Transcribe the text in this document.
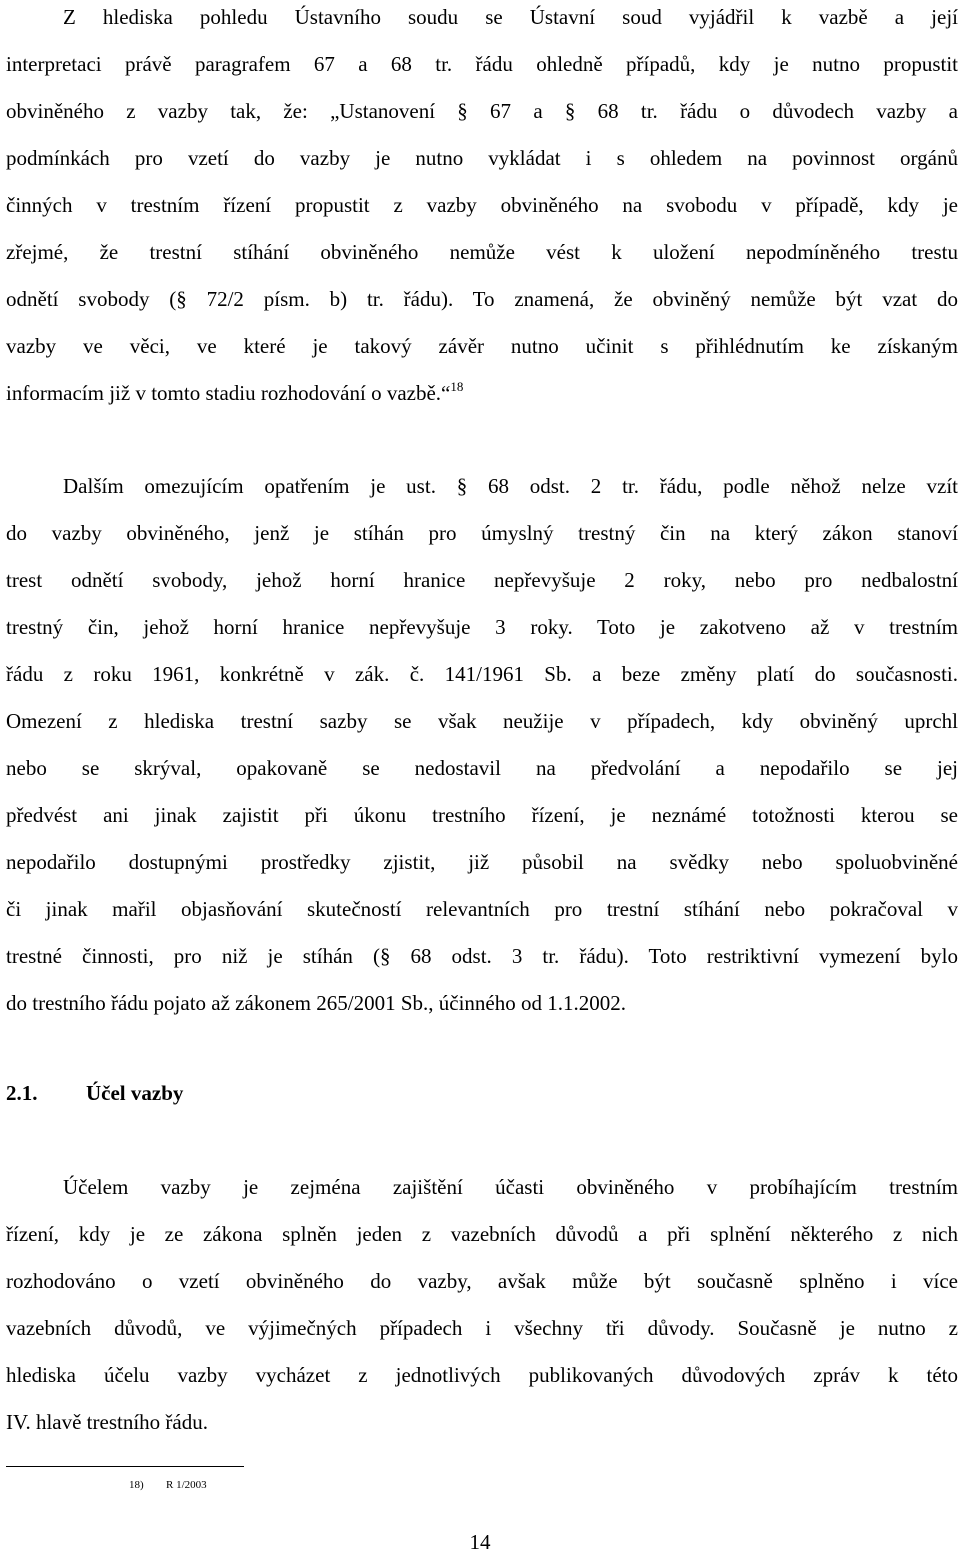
Z hlediska pohledu Ústavního soudu se Ústavní soud vyjádřil k vazbě a její
interpretaci právě paragrafem 67 a 68 tr. řádu ohledně případů, kdy je nutno propustit
obviněného z vazby tak, že: „Ustanovení § 67 a § 68 tr. řádu o důvodech vazby a
podmínkách pro vzetí do vazby je nutno vykládat i s ohledem na povinnost orgánů
činných v trestním řízení propustit z vazby obviněného na svobodu v případě, kdy je
zřejmé, že trestní stíhání obviněného nemůže vést k uložení nepodmíněného trestu
odnětí svobody (§ 72/2 písm. b) tr. řádu). To znamená, že obviněný nemůže být vzat do
vazby ve věci, ve které je takový závěr nutno učinit s přihlédnutím ke získaným
informacím již v tomto stadiu rozhodování o vazbě.“$^{18}$
Dalším omezujícím opatřením je ust. § 68 odst. 2 tr. řádu, podle něhož nelze vzít
do vazby obviněného, jenž je stíhán pro úmyslný trestný čin na který zákon stanoví
trest odnětí svobody, jehož horní hranice nepřevyšuje 2 roky, nebo pro nedbalostní
trestný čin, jehož horní hranice nepřevyšuje 3 roky. Toto je zakotveno až v trestním
řádu z roku 1961, konkrétně v zák. č. 141/1961 Sb. a beze změny platí do současnosti.
Omezení z hlediska trestní sazby se však neužije v případech, kdy obviněný uprchl
nebo se skrýval, opakovaně se nedostavil na předvolání a nepodařilo se jej
předvést ani jinak zajistit při úkonu trestního řízení, je neznámé totožnosti kterou se
nepodařilo dostupnými prostředky zjistit, již působil na svědky nebo spoluobviněné
či jinak mařil objasňování skutečností relevantních pro trestní stíhání nebo pokračoval v
trestné činnosti, pro niž je stíhán (§ 68 odst. 3 tr. řádu). Toto restriktivní vymezení bylo
do trestního řádu pojato až zákonem 265/2001 Sb., účinného od 1.1.2002.
2.1. Účel vazby
Účelem vazby je zejména zajištění účasti obviněného v probíhajícím trestním
řízení, kdy je ze zákona splněn jeden z vazebních důvodů a při splnění některého z nich
rozhodováno o vzetí obviněného do vazby, avšak může být současně splněno i více
vazebních důvodů, ve výjimečných případech i všechny tři důvody. Současně je nutno z
hlediska účelu vazby vycházet z jednotlivých publikovaných důvodových zpráv k této
IV. hlavě trestního řádu.
18) R 1/2003
14
